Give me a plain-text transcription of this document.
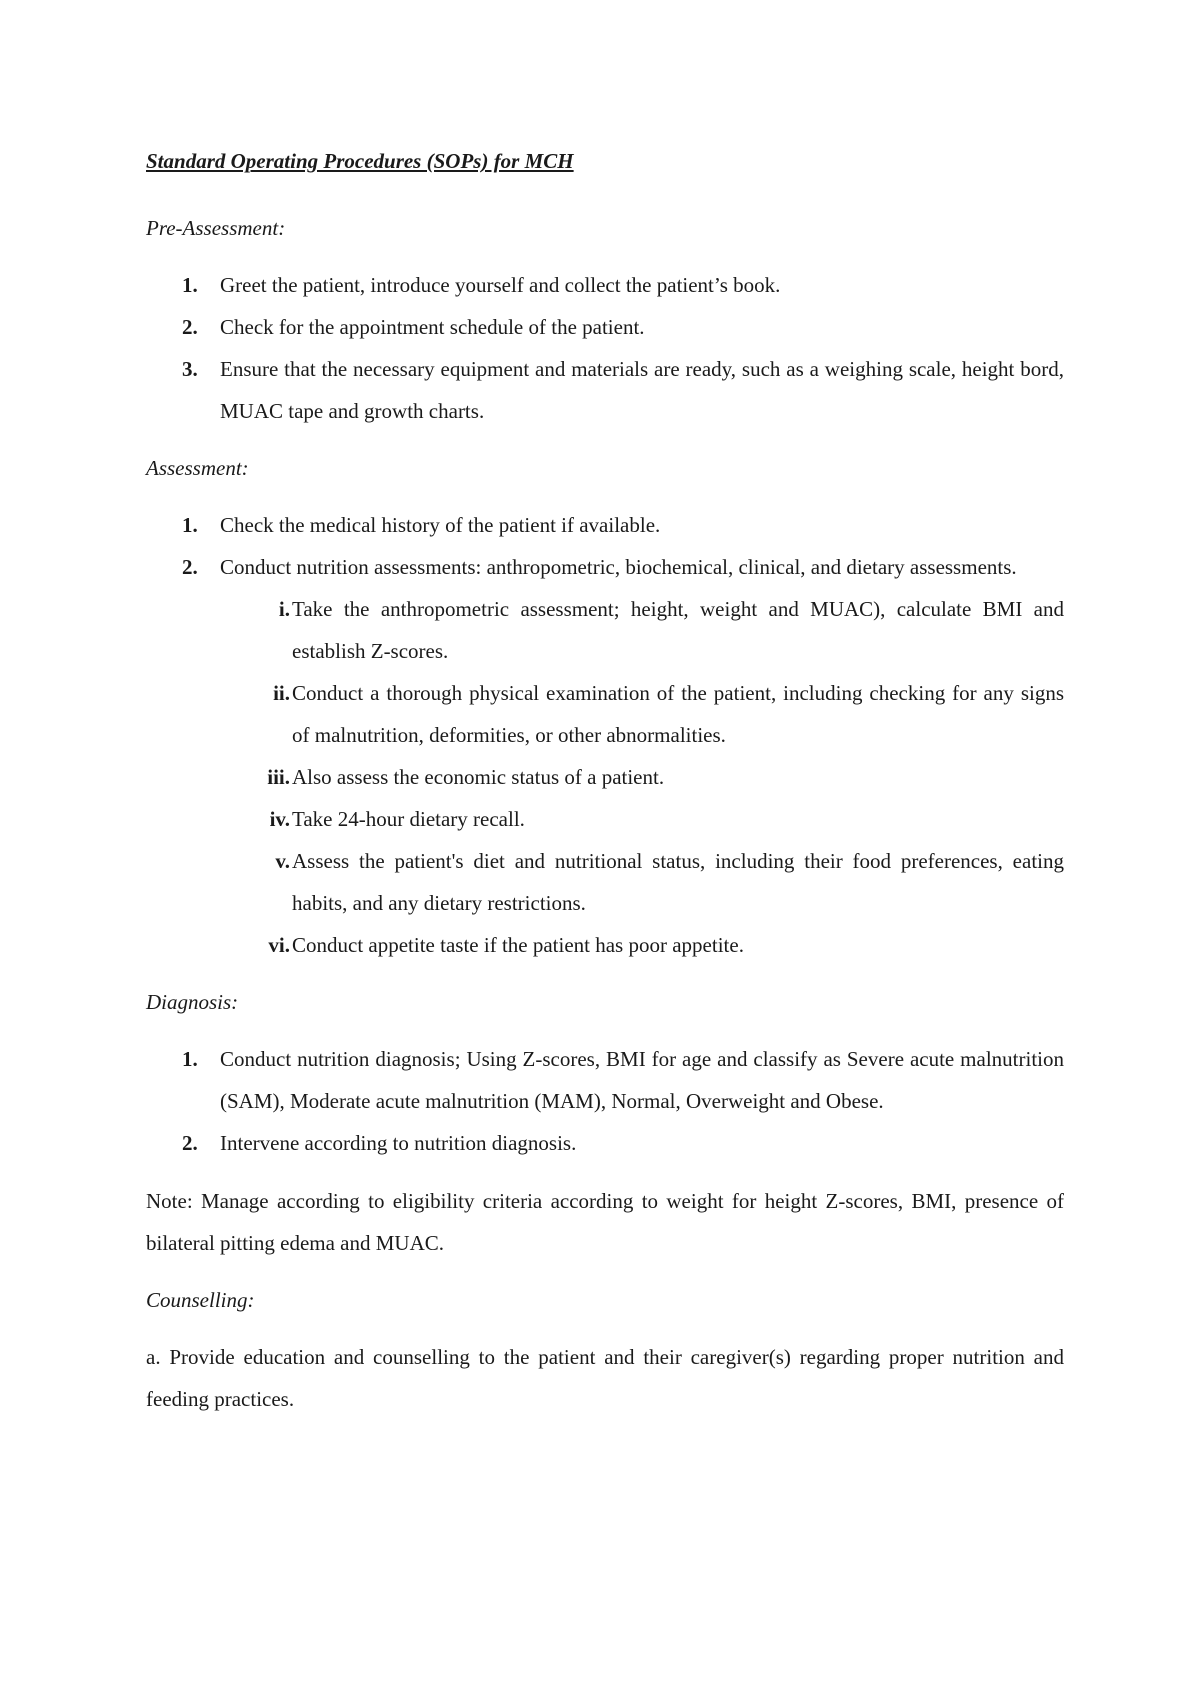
Standard Operating Procedures (SOPs) for MCH
Pre-Assessment:
1. Greet the patient, introduce yourself and collect the patient’s book.
2. Check for the appointment schedule of the patient.
3. Ensure that the necessary equipment and materials are ready, such as a weighing scale, height bord, MUAC tape and growth charts.
Assessment:
1. Check the medical history of the patient if available.
2. Conduct nutrition assessments: anthropometric, biochemical, clinical, and dietary assessments.
i. Take the anthropometric assessment; height, weight and MUAC), calculate BMI and establish Z-scores.
ii. Conduct a thorough physical examination of the patient, including checking for any signs of malnutrition, deformities, or other abnormalities.
iii. Also assess the economic status of a patient.
iv. Take 24-hour dietary recall.
v. Assess the patient's diet and nutritional status, including their food preferences, eating habits, and any dietary restrictions.
vi. Conduct appetite taste if the patient has poor appetite.
Diagnosis:
1. Conduct nutrition diagnosis; Using Z-scores, BMI for age and classify as Severe acute malnutrition (SAM), Moderate acute malnutrition (MAM), Normal, Overweight and Obese.
2. Intervene according to nutrition diagnosis.
Note: Manage according to eligibility criteria according to weight for height Z-scores, BMI, presence of bilateral pitting edema and MUAC.
Counselling:

a. Provide education and counselling to the patient and their caregiver(s) regarding proper nutrition and feeding practices.
